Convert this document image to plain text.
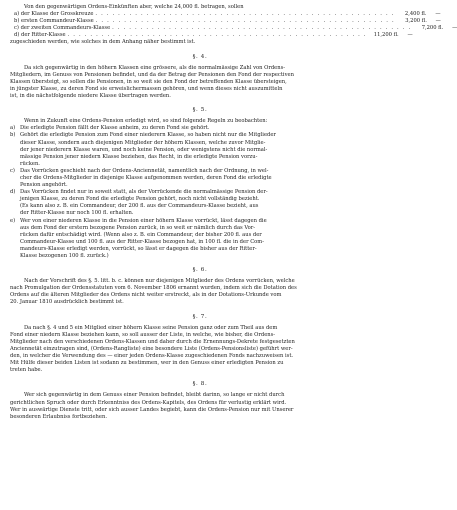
Von den gegenwärtigen Ordens-Einkünften aber, welche 24,000 fl. betragen, sollen
a) der Klasse der Grosskreuze . . . . . . . . . . . . . . . . . . . . . . . . . . . . . . . . . . . . . . . . . . . . . . . . . . . . .	2,400 fl.	—
b) ersten Commandeur-Klasse . . . . . . . . . . . . . . . . . . . . . . . . . . . . . . . . . . . . . . . . . . . . . . . . . . . . .	3,200 fl.	—
c) der zweiten Commandeurs-Klasse . . . . . . . . . . . . . . . . . . . . . . . . . . . . . . . . . . . . . . . . . . . . . . . . . . . . .	7,200 fl.	—
d) der Ritter-Klasse . . . . . . . . . . . . . . . . . . . . . . . . . . . . . . . . . . . . . . . . . . . . . . . . . . . . .	11,200 fl.	—
zugeschieden werden, wie solches in dem Anhang näher bestimmt ist.
§. 4.
Da sich gegenwärtig in den höhern Klassen eine grössere, als die normalmässige Zahl von Ordens-
Mitgliedern, im Genuss von Pensionen befindet, und da der Betrag der Pensionen den Fond der respectiven
Klassen übersteigt, so sollen die Pensionen, in so weit sie den Fond der betreffenden Klasse übersteigen,
in jüngster Klasse, zu deren Fond sie erweislichermassen gehören, und wenn dieses nicht auszumitteln
ist, in die nächstfolgende niedere Klasse übertragen werden.
§. 5.
Wenn in Zukunft eine Ordens-Pension erledigt wird, so sind folgende Regeln zu beobachten:
a) Die erledigte Pension fällt der Klasse anheim, zu deren Fond sie gehört.
b) Gehört die erledigte Pension zum Fond einer niederern Klasse, so haben nicht nur die Mitglieder
dieser Klasse, sondern auch diejenigen Mitglieder der höhern Klassen, welche zuvor Mitglie-
der jener niederern Klasse waren, und noch keine Pension, oder wenigstens nicht die normal-
mässige Pension jener niedern Klasse beziehen, das Recht, in die erledigte Pension vorzu-
rücken.
c) Das Vorrücken geschieht nach der Ordens-Anciennetät, namentlich nach der Ordnung, in wel-
cher die Ordens-Mitglieder in diejenige Klasse aufgenommen werden, deren Fond die erledigte
Pension angehört.
d) Das Vorrücken findet nur in soweit statt, als der Vorrückende die normalmässige Pension der-
jenigen Klasse, zu deren Fond die erledigte Pension gehört, noch nicht vollständig bezieht.
(Es kann also z. B. ein Commandeur, der 200 fl. aus der Commandeurs-Klasse bezieht, aus
der Ritter-Klasse nur noch 100 fl. erhalten.
e) Wer von einer niederen Klasse in die Pension einer höhern Klasse vorrückt, lässt dagegen die
aus dem Fond der erstern bezogene Pension zurück, in so weit er nämlich durch das Vor-
rücken dafür entschädigt wird. (Wenn also z. B. ein Commandeur, der bisher 200 fl. aus der
Commandeur-Klasse und 100 fl. aus der Ritter-Klasse bezogen hat, in 100 fl. die in der Com-
mandeurs-Klasse erledigt werden, vorrückt, so lässt er dagegen die bisher aus der Ritter-
Klasse bezogenen 100 fl. zurück.)
§. 6.
Nach der Vorschrift des §. 5. litt. b. c. können nur diejenigen Mitglieder des Ordens vorrücken, welche
nach Promulgation der Ordensstatuten vom 6. November 1806 ernannt wurden, indem sich die Dotation des
Ordens auf die älteren Mitglieder des Ordens nicht weiter erstreckt, als in der Dotations-Urkunde vom
20. Januar 1810 ausdrücklich bestimmt ist.
§. 7.
Da nach §. 4 und 5 ein Mitglied einer höhern Klasse seine Pension ganz oder zum Theil aus dem
Fond einer niedern Klasse beziehen kann, so soll ausser der Liste, in welche, wie bisher, die Ordens-
Mitglieder nach den verschiedenen Ordens-Klassen und daher durch die Ernennungs-Dekrete festgesetzten
Anciennetät einzutragen sind, (Ordens-Rangliste) eine besondere Liste (Ordens-Pensionsliste) geführt wer-
den, in welcher die Verwendung des — einer jeden Ordens-Klasse zugeschiedenen Fonds nachzuweisen ist.
Mit Hülfe dieser beiden Listen ist sodann zu bestimmen, wer in den Genuss einer erledigten Pension zu
treten habe.
§. 8.
Wer sich gegenwärtig in dem Genuss einer Pension befindet, bleibt darinn, so lange er nicht durch
gerichtlichen Spruch oder durch Erkenntniss des Ordens-Kapitels, des Ordens für verlustig erklärt wird.
Wer in auswärtige Dienste tritt, oder sich ausser Landes begiebt, kann die Ordens-Pension nur mit Unserer
besonderen Erlaubniss fortbeziehen.
